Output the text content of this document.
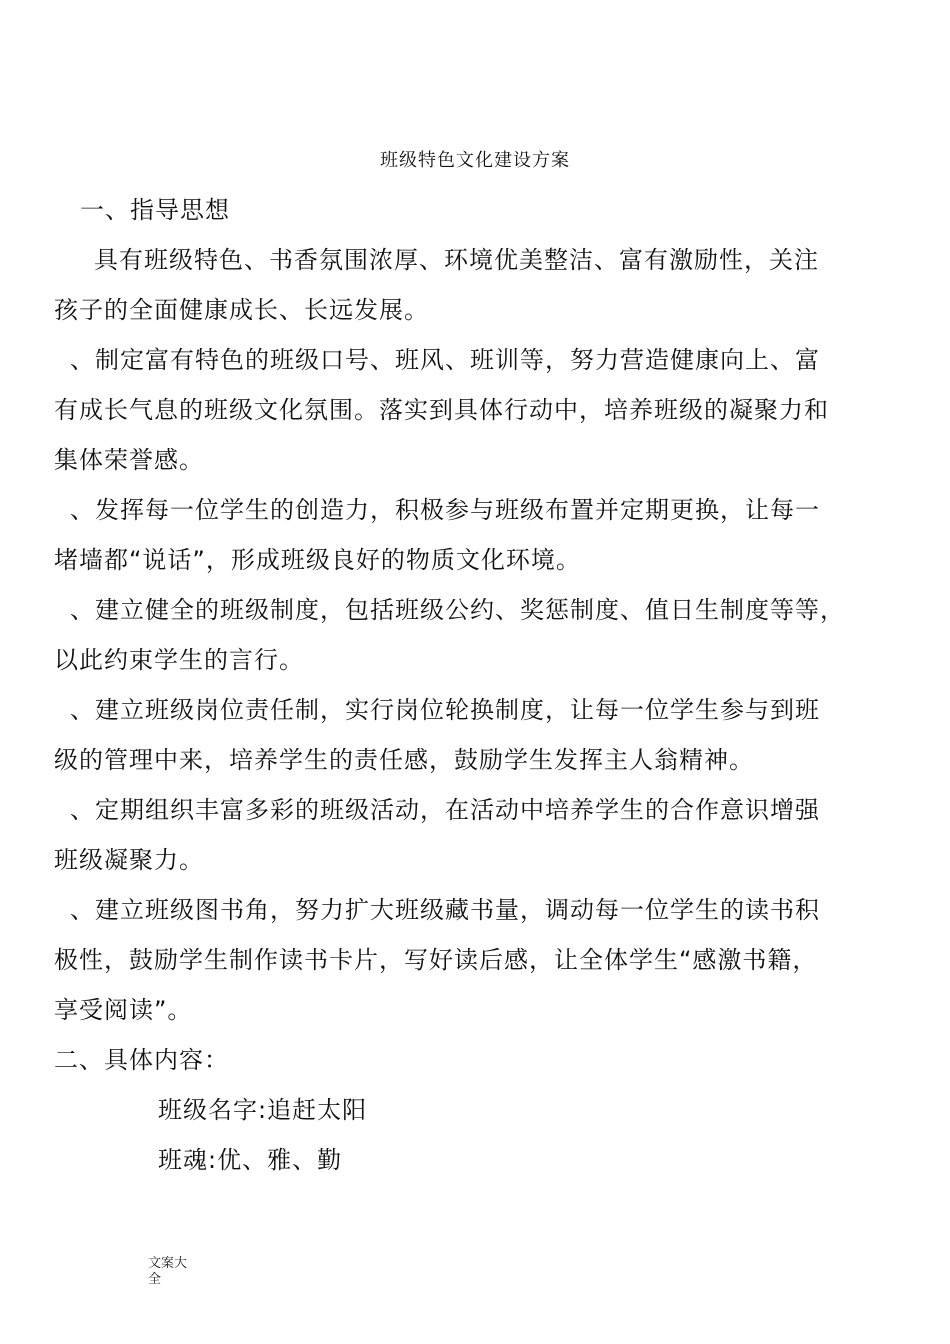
班级特色文化建设方案
一、指导思想
具有班级特色、书香氛围浓厚、环境优美整洁、富有激励性，关注
孩子的全面健康成长、长远发展。
、制定富有特色的班级口号、班风、班训等，努力营造健康向上、富
有成长气息的班级文化氛围。落实到具体行动中，培养班级的凝聚力和
集体荣誉感。
、发挥每一位学生的创造力，积极参与班级布置并定期更换，让每一
堵墙都“说话”，形成班级良好的物质文化环境。
、建立健全的班级制度，包括班级公约、奖惩制度、值日生制度等等，
以此约束学生的言行。
、建立班级岗位责任制，实行岗位轮换制度，让每一位学生参与到班
级的管理中来，培养学生的责任感，鼓励学生发挥主人翁精神。
、定期组织丰富多彩的班级活动，在活动中培养学生的合作意识增强
班级凝聚力。
、建立班级图书角，努力扩大班级藏书量，调动每一位学生的读书积
极性，鼓励学生制作读书卡片，写好读后感，让全体学生“感激书籍，
享受阅读”。
二、具体内容：
班级名字:追赶太阳
班魂:优、雅、勤
文案大
全
